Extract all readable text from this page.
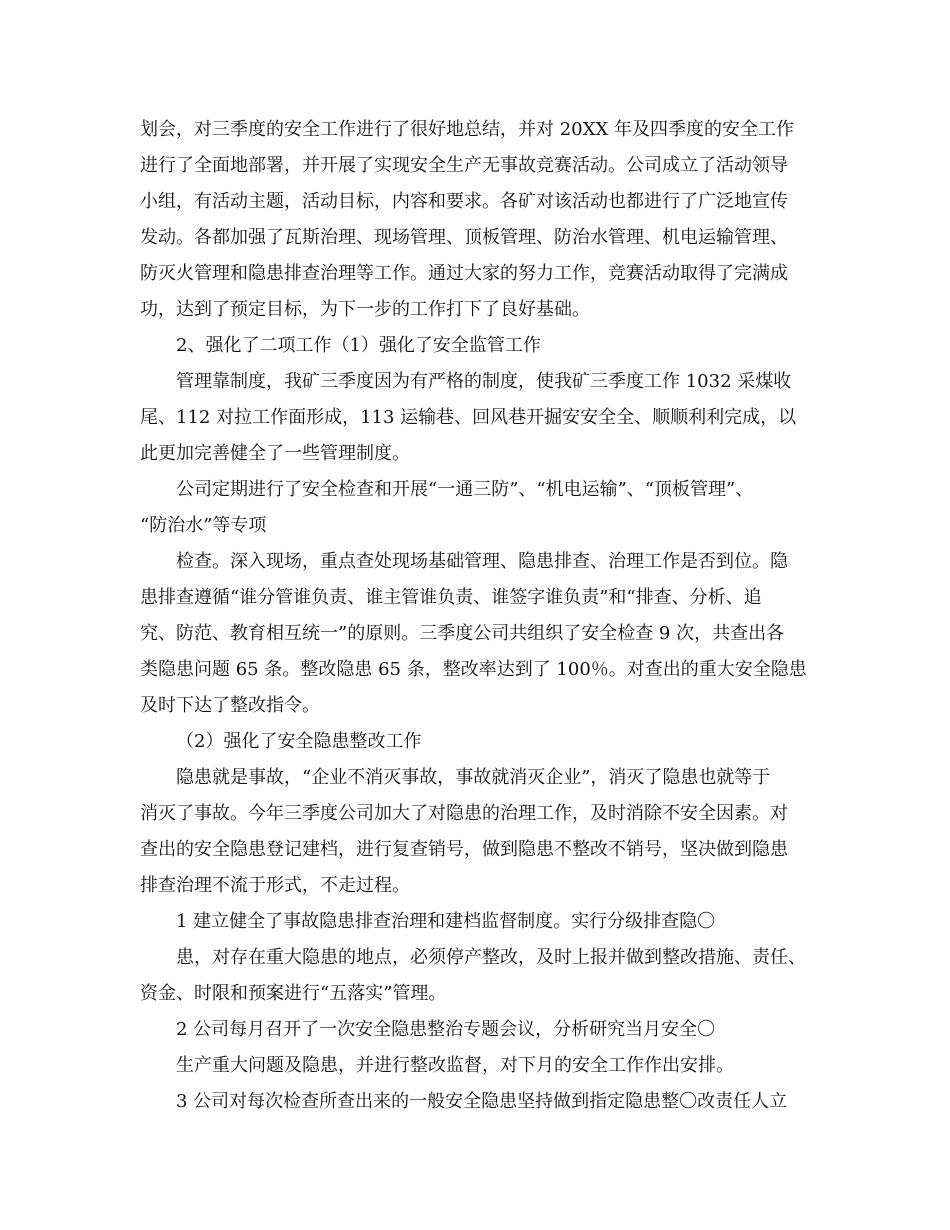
划会，对三季度的安全工作进行了很好地总结，并对 20XX 年及四季度的安全工作
进行了全面地部署，并开展了实现安全生产无事故竞赛活动。公司成立了活动领导
小组，有活动主题，活动目标，内容和要求。各矿对该活动也都进行了广泛地宣传
发动。各都加强了瓦斯治理、现场管理、顶板管理、防治水管理、机电运输管理、
防灭火管理和隐患排查治理等工作。通过大家的努力工作，竞赛活动取得了完满成
功，达到了预定目标，为下一步的工作打下了良好基础。
2、强化了二项工作（1）强化了安全监管工作
管理靠制度，我矿三季度因为有严格的制度，使我矿三季度工作 1032 采煤收
尾、112 对拉工作面形成，113 运输巷、回风巷开掘安安全全、顺顺利利完成，以
此更加完善健全了一些管理制度。
公司定期进行了安全检查和开展“一通三防”、“机电运输”、“顶板管理”、
“防治水”等专项
检查。深入现场，重点查处现场基础管理、隐患排查、治理工作是否到位。隐
患排查遵循“谁分管谁负责、谁主管谁负责、谁签字谁负责”和“排查、分析、追
究、防范、教育相互统一”的原则。三季度公司共组织了安全检查 9 次，共查出各
类隐患问题 65 条。整改隐患 65 条，整改率达到了 100％。对查出的重大安全隐患
及时下达了整改指令。
（2）强化了安全隐患整改工作
隐患就是事故，“企业不消灭事故，事故就消灭企业”，消灭了隐患也就等于
消灭了事故。今年三季度公司加大了对隐患的治理工作，及时消除不安全因素。对
查出的安全隐患登记建档，进行复查销号，做到隐患不整改不销号，坚决做到隐患
排查治理不流于形式，不走过程。
1 建立健全了事故隐患排查治理和建档监督制度。实行分级排查隐〇
患，对存在重大隐患的地点，必须停产整改，及时上报并做到整改措施、责任、
资金、时限和预案进行“五落实”管理。
2 公司每月召开了一次安全隐患整治专题会议，分析研究当月安全〇
生产重大问题及隐患，并进行整改监督，对下月的安全工作作出安排。
3 公司对每次检查所查出来的一般安全隐患坚持做到指定隐患整〇改责任人立
